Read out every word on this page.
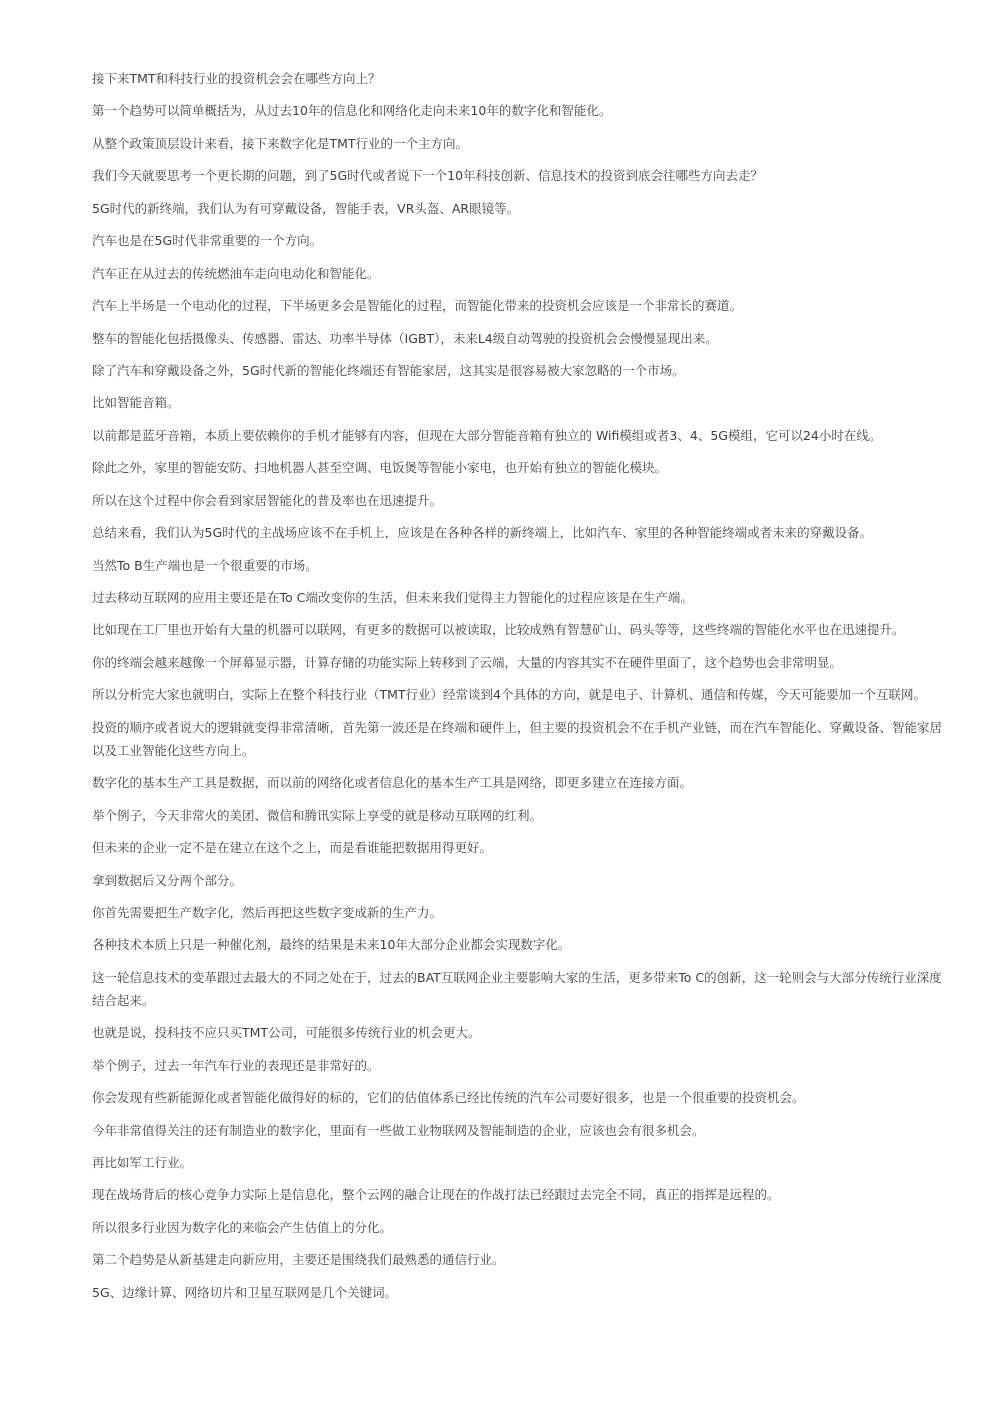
接下来TMT和科技行业的投资机会会在哪些方向上？

第一个趋势可以简单概括为，从过去10年的信息化和网络化走向未来10年的数字化和智能化。

从整个政策顶层设计来看，接下来数字化是TMT行业的一个主方向。

我们今天就要思考一个更长期的问题，到了5G时代或者说下一个10年科技创新、信息技术的投资到底会往哪些方向去走？

5G时代的新终端，我们认为有可穿戴设备，智能手表，VR头盔、AR眼镜等。

汽车也是在5G时代非常重要的一个方向。

汽车正在从过去的传统燃油车走向电动化和智能化。

汽车上半场是一个电动化的过程，下半场更多会是智能化的过程，而智能化带来的投资机会应该是一个非常长的赛道。

整车的智能化包括摄像头、传感器、雷达、功率半导体（IGBT），未来L4级自动驾驶的投资机会会慢慢显现出来。

除了汽车和穿戴设备之外，5G时代新的智能化终端还有智能家居，这其实是很容易被大家忽略的一个市场。

比如智能音箱。

以前都是蓝牙音箱，本质上要依赖你的手机才能够有内容，但现在大部分智能音箱有独立的 Wifi模组或者3、4、5G模组，它可以24小时在线。

除此之外，家里的智能安防、扫地机器人甚至空调、电饭煲等智能小家电，也开始有独立的智能化模块。

所以在这个过程中你会看到家居智能化的普及率也在迅速提升。

总结来看，我们认为5G时代的主战场应该不在手机上，应该是在各种各样的新终端上，比如汽车、家里的各种智能终端或者未来的穿戴设备。

当然To B生产端也是一个很重要的市场。

过去移动互联网的应用主要还是在To C端改变你的生活，但未来我们觉得主力智能化的过程应该是在生产端。

比如现在工厂里也开始有大量的机器可以联网，有更多的数据可以被读取，比较成熟有智慧矿山、码头等等，这些终端的智能化水平也在迅速提升。

你的终端会越来越像一个屏幕显示器，计算存储的功能实际上转移到了云端，大量的内容其实不在硬件里面了，这个趋势也会非常明显。

所以分析完大家也就明白，实际上在整个科技行业（TMT行业）经常谈到4个具体的方向，就是电子、计算机、通信和传媒，今天可能要加一个互联网。

投资的顺序或者说大的逻辑就变得非常清晰，首先第一波还是在终端和硬件上，但主要的投资机会不在手机产业链，而在汽车智能化、穿戴设备、智能家居以及工业智能化这些方向上。

数字化的基本生产工具是数据，而以前的网络化或者信息化的基本生产工具是网络，即更多建立在连接方面。

举个例子，今天非常火的美团、微信和腾讯实际上享受的就是移动互联网的红利。

但未来的企业一定不是在建立在这个之上，而是看谁能把数据用得更好。

拿到数据后又分两个部分。

你首先需要把生产数字化，然后再把这些数字变成新的生产力。

各种技术本质上只是一种催化剂，最终的结果是未来10年大部分企业都会实现数字化。

这一轮信息技术的变革跟过去最大的不同之处在于，过去的BAT互联网企业主要影响大家的生活，更多带来To C的创新，这一轮则会与大部分传统行业深度结合起来。

也就是说，投科技不应只买TMT公司，可能很多传统行业的机会更大。

举个例子，过去一年汽车行业的表现还是非常好的。

你会发现有些新能源化或者智能化做得好的标的，它们的估值体系已经比传统的汽车公司要好很多，也是一个很重要的投资机会。

今年非常值得关注的还有制造业的数字化，里面有一些做工业物联网及智能制造的企业，应该也会有很多机会。

再比如军工行业。

现在战场背后的核心竞争力实际上是信息化，整个云网的融合让现在的作战打法已经跟过去完全不同，真正的指挥是远程的。

所以很多行业因为数字化的来临会产生估值上的分化。

第二个趋势是从新基建走向新应用，主要还是围绕我们最熟悉的通信行业。

5G、边缘计算、网络切片和卫星互联网是几个关键词。
